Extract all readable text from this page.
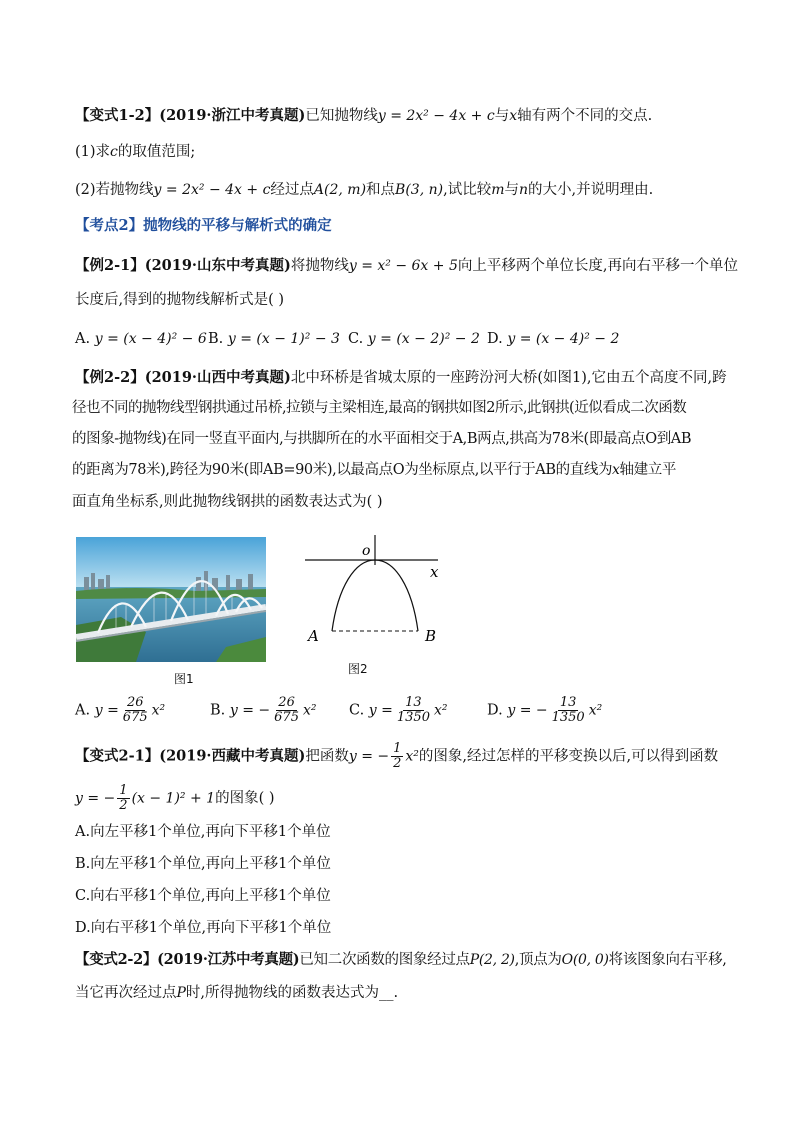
【变式1-2】(2019·浙江中考真题)已知抛物线y = 2x² − 4x + c与x轴有两个不同的交点.
(1)求c的取值范围;
(2)若抛物线y = 2x² − 4x + c经过点A(2, m)和点B(3, n),试比较m与n的大小,并说明理由.
【考点2】抛物线的平移与解析式的确定
【例2-1】(2019·山东中考真题)将抛物线y = x² − 6x + 5向上平移两个单位长度,再向右平移一个单位
长度后,得到的抛物线解析式是( )
A. y = (x − 4)² − 6 B. y = (x − 1)² − 3 C. y = (x − 2)² − 2 D. y = (x − 4)² − 2
【例2-2】(2019·山西中考真题)北中环桥是省城太原的一座跨汾河大桥(如图1),它由五个高度不同,跨
径也不同的抛物线型钢拱通过吊桥,拉锁与主梁相连,最高的钢拱如图2所示,此钢拱(近似看成二次函数
的图象-抛物线)在同一竖直平面内,与拱脚所在的水平面相交于A,B两点,拱高为78米(即最高点O到AB
的距离为78米),跨径为90米(即AB=90米),以最高点O为坐标原点,以平行于AB的直线为x轴建立平
面直角坐标系,则此抛物线钢拱的函数表达式为( )
图1
o
x
A	B
图2
A. $y = \frac{26}{675} x^2$	B. y = − $\frac{26}{675} x^2$ C. $y = \frac{13}{1350} x^2$	D. y = − $\frac{13}{1350} x^2$
【变式2-1】(2019·西藏中考真题)把函数y = − $\frac{1}{2} x^2$的图象,经过怎样的平移变换以后,可以得到函数
y = − $\frac{1}{2} (x - 1)^2 + 1$的图象( )
A.向左平移1个单位,再向下平移1个单位
B.向左平移1个单位,再向上平移1个单位
C.向右平移1个单位,再向上平移1个单位
D.向右平移1个单位,再向下平移1个单位
【变式2-2】(2019·江苏中考真题)已知二次函数的图象经过点P(2, 2),顶点为O(0, 0)将该图象向右平移,
当它再次经过点P时,所得抛物线的函数表达式为__.
